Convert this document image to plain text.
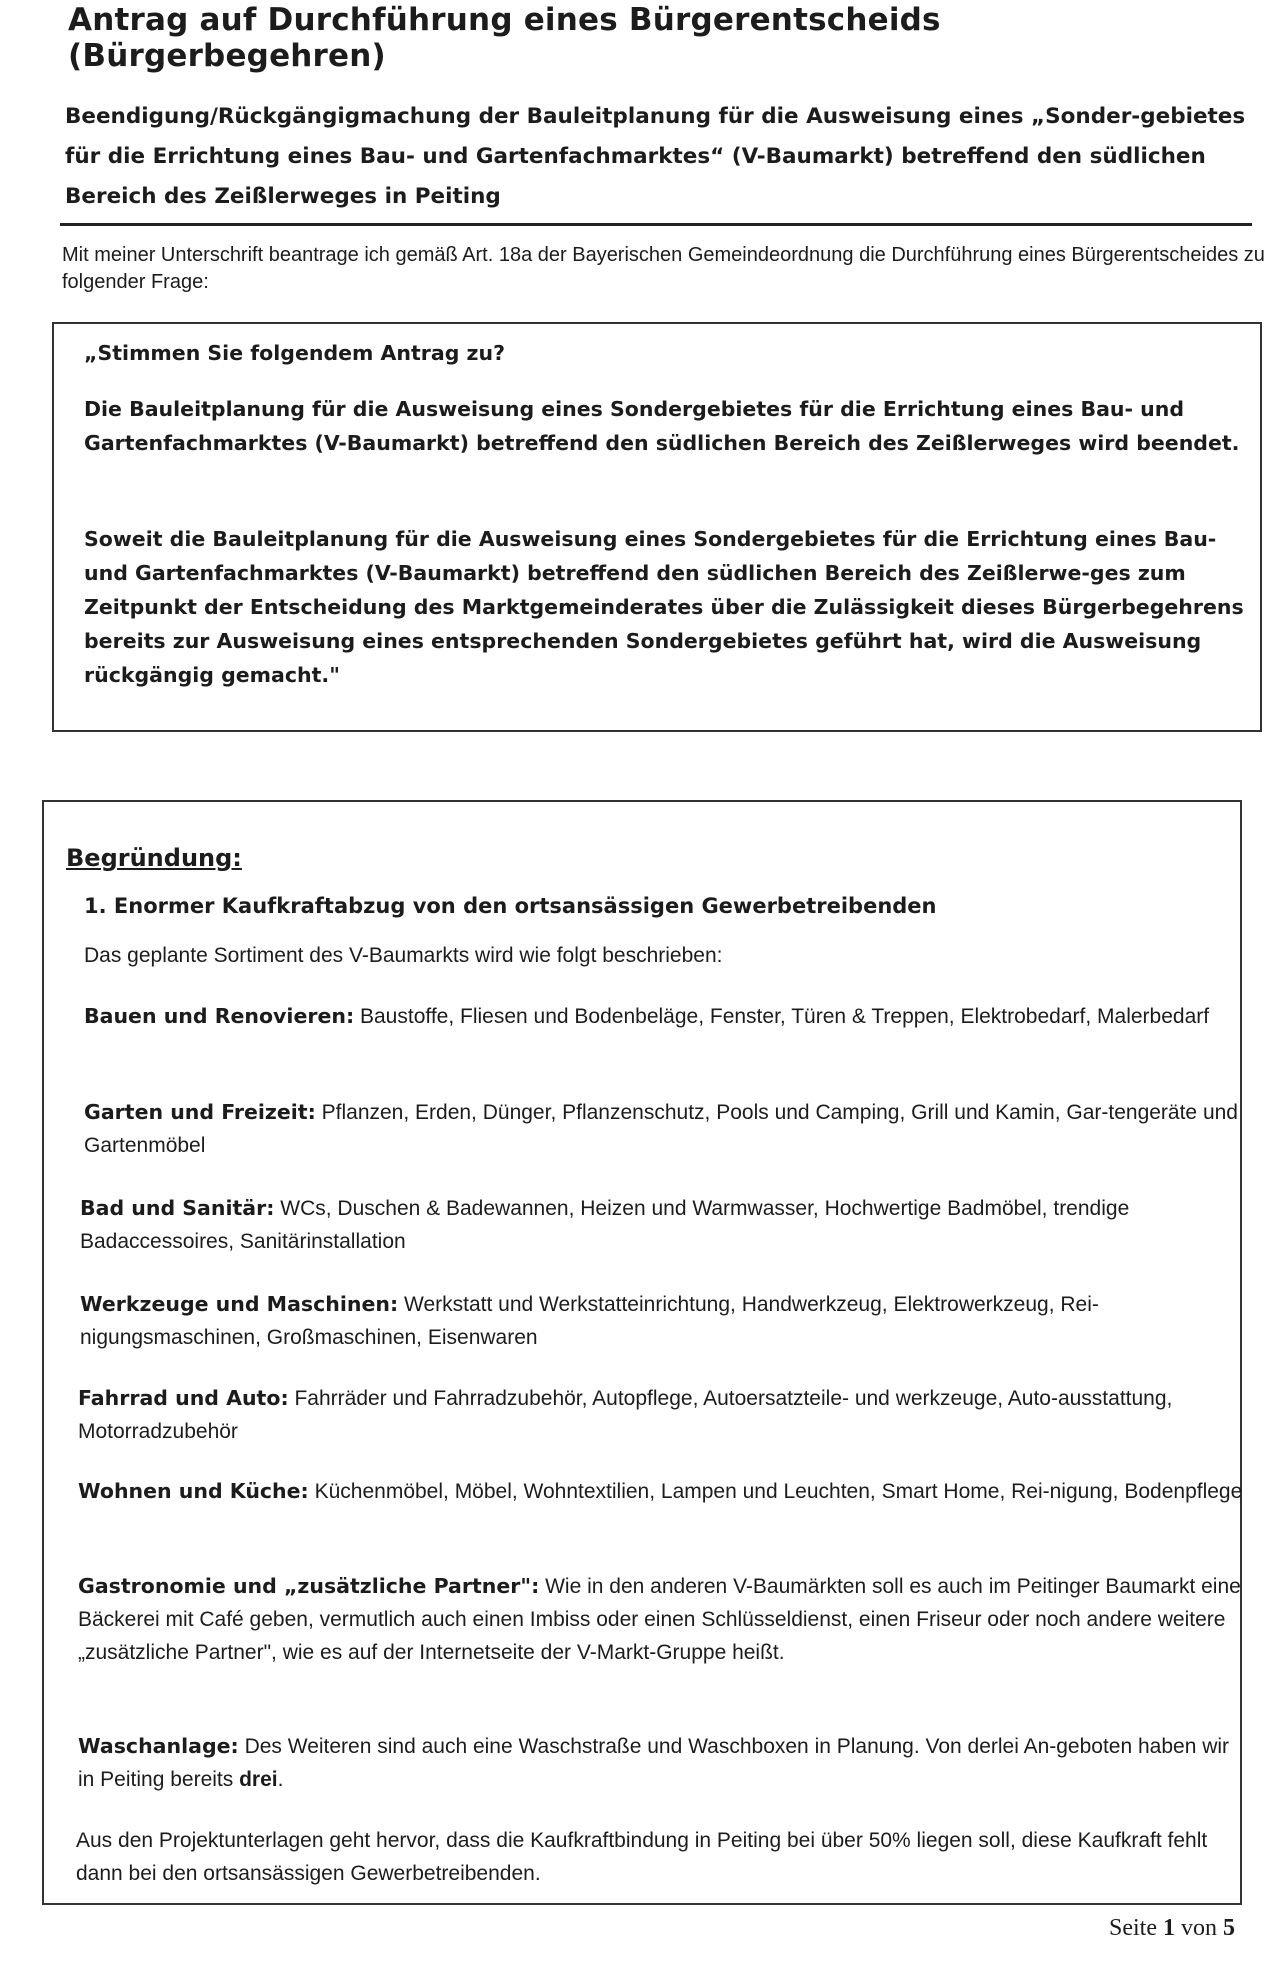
Antrag auf Durchführung eines Bürgerentscheids (Bürgerbegehren)

Beendigung/Rückgängigmachung der Bauleitplanung für die Ausweisung eines „Sonder-gebietes für die Errichtung eines Bau- und Gartenfachmarktes“ (V-Baumarkt) betreffend den südlichen Bereich des Zeißlerweges in Peiting

Mit meiner Unterschrift beantrage ich gemäß Art. 18a der Bayerischen Gemeindeordnung die Durchführung eines Bürgerentscheides zu folgender Frage:

„Stimmen Sie folgendem Antrag zu?

Die Bauleitplanung für die Ausweisung eines Sondergebietes für die Errichtung eines Bau- und Gartenfachmarktes (V-Baumarkt) betreffend den südlichen Bereich des Zeißlerweges wird beendet.

Soweit die Bauleitplanung für die Ausweisung eines Sondergebietes für die Errichtung eines Bau-und Gartenfachmarktes (V-Baumarkt) betreffend den südlichen Bereich des Zeißlerwe-ges zum Zeitpunkt der Entscheidung des Marktgemeinderates über die Zulässigkeit dieses Bürgerbegehrens bereits zur Ausweisung eines entsprechenden Sondergebietes geführt hat, wird die Ausweisung rückgängig gemacht."

Begründung:

1. Enormer Kaufkraftabzug von den ortsansässigen Gewerbetreibenden

Das geplante Sortiment des V-Baumarkts wird wie folgt beschrieben:

Bauen und Renovieren: Baustoffe, Fliesen und Bodenbeläge, Fenster, Türen & Treppen, Elektrobedarf, Malerbedarf

Garten und Freizeit: Pflanzen, Erden, Dünger, Pflanzenschutz, Pools und Camping, Grill und Kamin, Gar-tengeräte und Gartenmöbel

Bad und Sanitär: WCs, Duschen & Badewannen, Heizen und Warmwasser, Hochwertige Badmöbel, trendige Badaccessoires, Sanitärinstallation

Werkzeuge und Maschinen: Werkstatt und Werkstatteinrichtung, Handwerkzeug, Elektrowerkzeug, Rei-nigungsmaschinen, Großmaschinen, Eisenwaren

Fahrrad und Auto: Fahrräder und Fahrradzubehör, Autopflege, Autoersatzteile- und werkzeuge, Auto-ausstattung, Motorradzubehör

Wohnen und Küche: Küchenmöbel, Möbel, Wohntextilien, Lampen und Leuchten, Smart Home, Rei-nigung, Bodenpflege

Gastronomie und „zusätzliche Partner": Wie in den anderen V-Baumärkten soll es auch im Peitinger Baumarkt eine Bäckerei mit Café geben, vermutlich auch einen Imbiss oder einen Schlüsseldienst, einen Friseur oder noch andere weitere „zusätzliche Partner", wie es auf der Internetseite der V-Markt-Gruppe heißt.

Waschanlage: Des Weiteren sind auch eine Waschstraße und Waschboxen in Planung. Von derlei An-geboten haben wir in Peiting bereits drei.

Aus den Projektunterlagen geht hervor, dass die Kaufkraftbindung in Peiting bei über 50% liegen soll, diese Kaufkraft fehlt dann bei den ortsansässigen Gewerbetreibenden.

Seite 1 von 5
